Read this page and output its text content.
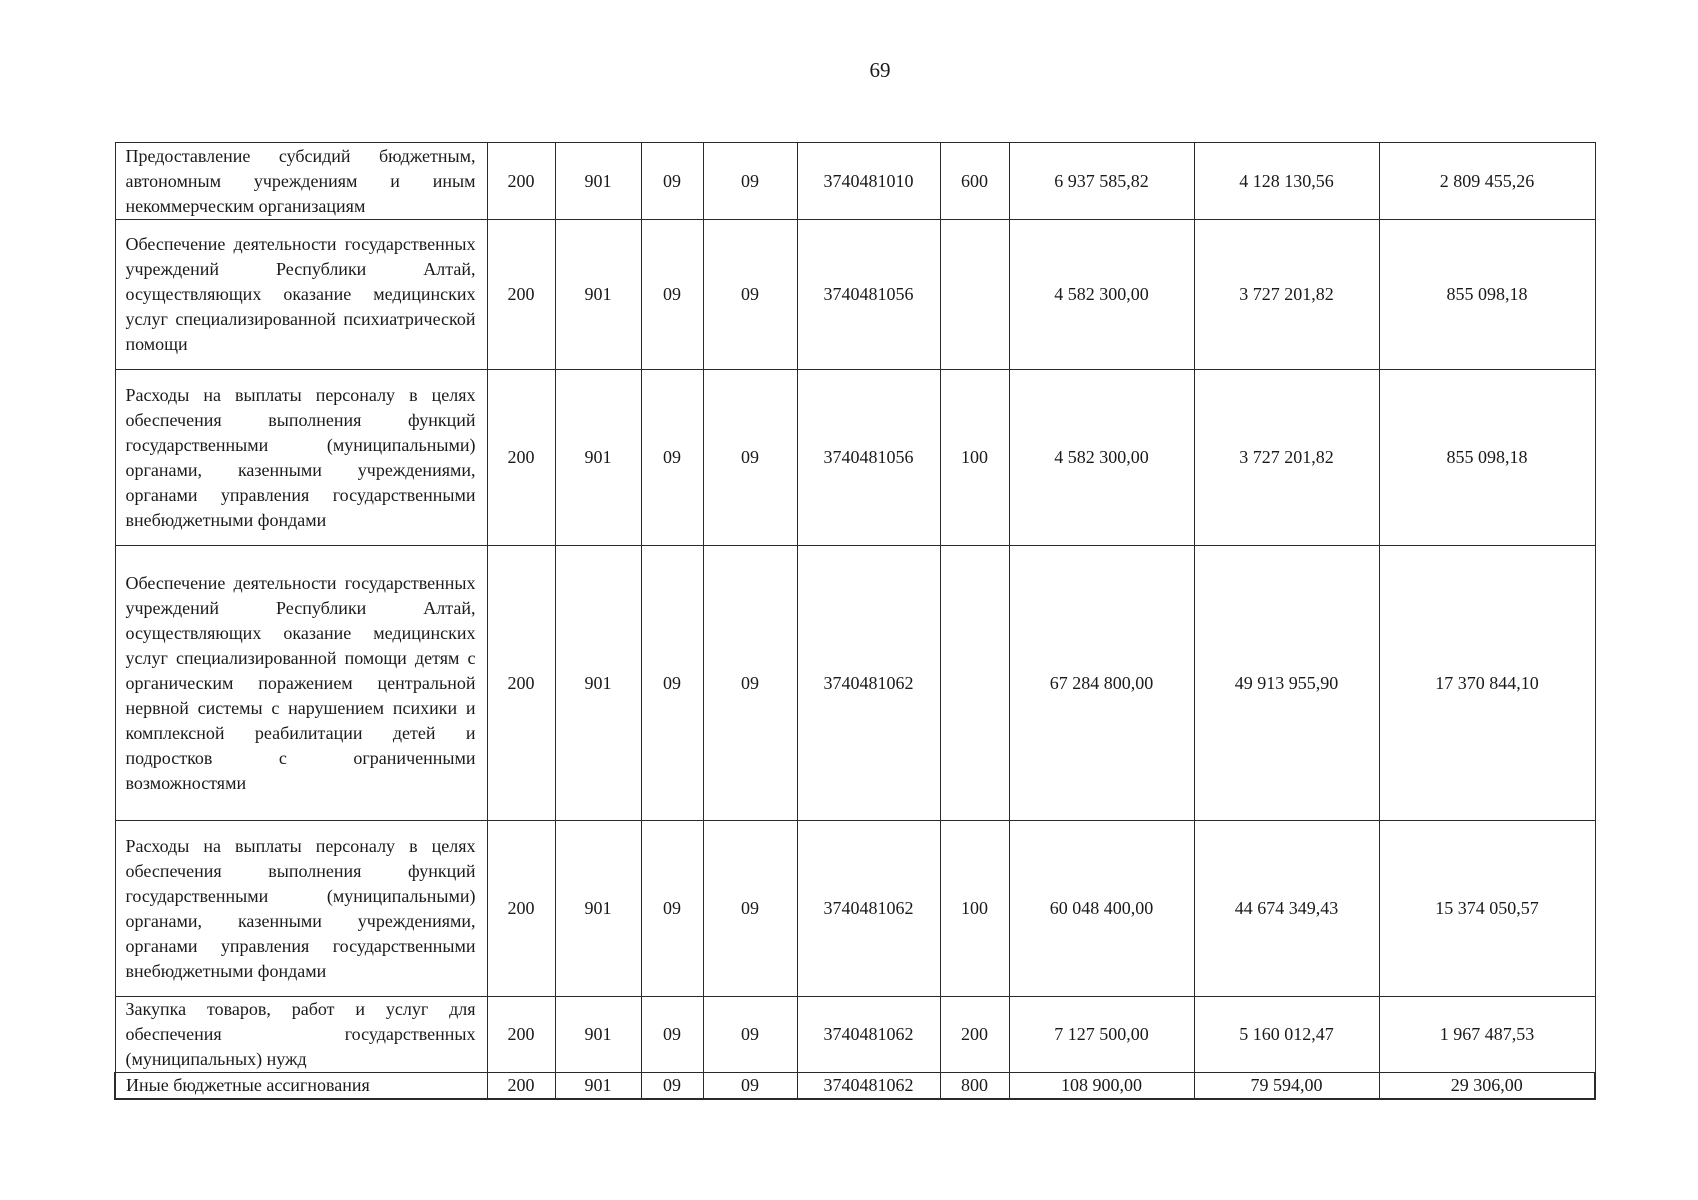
69
Предоставление субсидий бюджетным, автономным учреждениям и иным некоммерческим организациям	200	901	09	09	3740481010	600	6 937 585,82	4 128 130,56	2 809 455,26
Обеспечение деятельности государственных учреждений Республики Алтай, осуществляющих оказание медицинских услуг специализированной психиатрической помощи	200	901	09	09	3740481056		4 582 300,00	3 727 201,82	855 098,18
Расходы на выплаты персоналу в целях обеспечения выполнения функций государственными (муниципальными) органами, казенными учреждениями, органами управления государственными внебюджетными фондами	200	901	09	09	3740481056	100	4 582 300,00	3 727 201,82	855 098,18
Обеспечение деятельности государственных учреждений Республики Алтай, осуществляющих оказание медицинских услуг специализированной помощи детям с органическим поражением центральной нервной системы с нарушением психики и комплексной реабилитации детей и подростков с ограниченными возможностями	200	901	09	09	3740481062		67 284 800,00	49 913 955,90	17 370 844,10
Расходы на выплаты персоналу в целях обеспечения выполнения функций государственными (муниципальными) органами, казенными учреждениями, органами управления государственными внебюджетными фондами	200	901	09	09	3740481062	100	60 048 400,00	44 674 349,43	15 374 050,57
Закупка товаров, работ и услуг для обеспечения государственных (муниципальных) нужд	200	901	09	09	3740481062	200	7 127 500,00	5 160 012,47	1 967 487,53
Иные бюджетные ассигнования	200	901	09	09	3740481062	800	108 900,00	79 594,00	29 306,00
